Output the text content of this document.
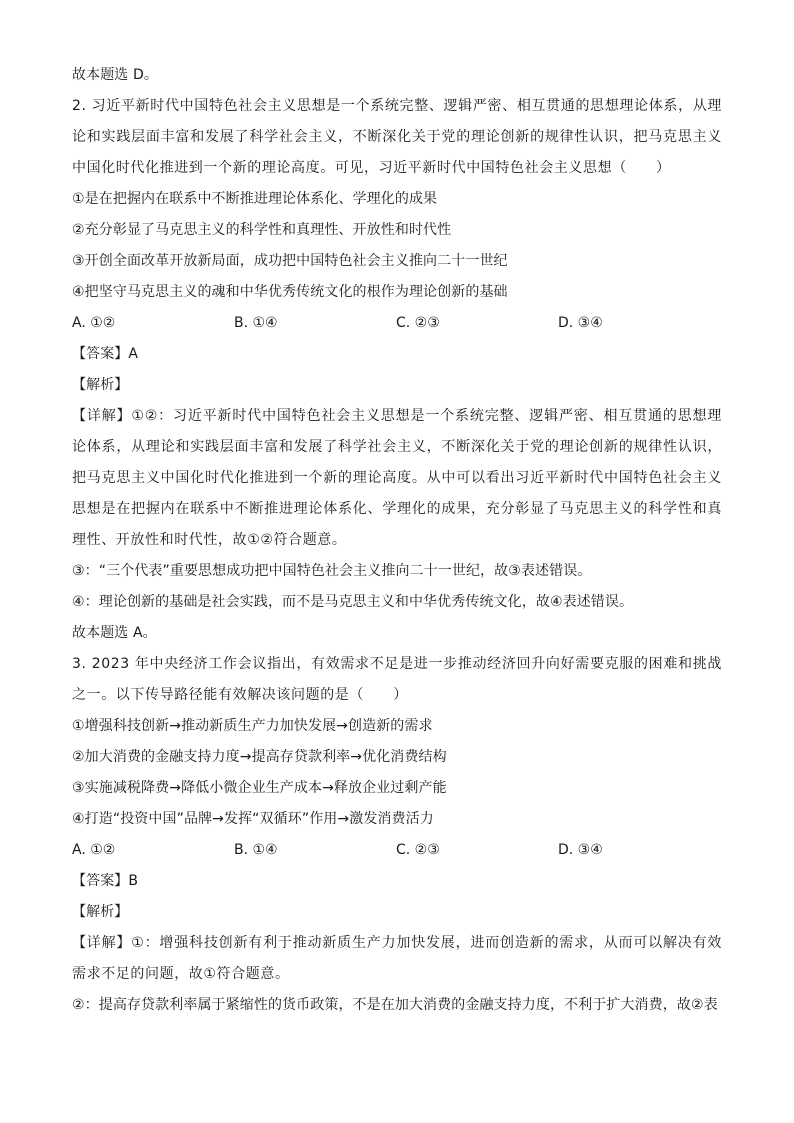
故本题选 D。
2. 习近平新时代中国特色社会主义思想是一个系统完整、逻辑严密、相互贯通的思想理论体系，从理论和实践层面丰富和发展了科学社会主义，不断深化关于党的理论创新的规律性认识，把马克思主义中国化时代化推进到一个新的理论高度。可见，习近平新时代中国特色社会主义思想（　　）
①是在把握内在联系中不断推进理论体系化、学理化的成果
②充分彰显了马克思主义的科学性和真理性、开放性和时代性
③开创全面改革开放新局面，成功把中国特色社会主义推向二十一世纪
④把坚守马克思主义的魂和中华优秀传统文化的根作为理论创新的基础
A. ①②	B. ①④	C. ②③	D. ③④
【答案】A
【解析】
【详解】①②：习近平新时代中国特色社会主义思想是一个系统完整、逻辑严密、相互贯通的思想理论体系，从理论和实践层面丰富和发展了科学社会主义，不断深化关于党的理论创新的规律性认识，把马克思主义中国化时代化推进到一个新的理论高度。从中可以看出习近平新时代中国特色社会主义思想是在把握内在联系中不断推进理论体系化、学理化的成果，充分彰显了马克思主义的科学性和真理性、开放性和时代性，故①②符合题意。
③：“三个代表”重要思想成功把中国特色社会主义推向二十一世纪，故③表述错误。
④：理论创新的基础是社会实践，而不是马克思主义和中华优秀传统文化，故④表述错误。
故本题选 A。
3. 2023 年中央经济工作会议指出，有效需求不足是进一步推动经济回升向好需要克服的困难和挑战之一。以下传导路径能有效解决该问题的是（　　）
①增强科技创新→推动新质生产力加快发展→创造新的需求
②加大消费的金融支持力度→提高存贷款利率→优化消费结构
③实施减税降费→降低小微企业生产成本→释放企业过剩产能
④打造“投资中国”品牌→发挥“双循环”作用→激发消费活力
A. ①②	B. ①④	C. ②③	D. ③④
【答案】B
【解析】
【详解】①：增强科技创新有利于推动新质生产力加快发展，进而创造新的需求，从而可以解决有效需求不足的问题，故①符合题意。
②：提高存贷款利率属于紧缩性的货币政策，不是在加大消费的金融支持力度，不利于扩大消费，故②表
